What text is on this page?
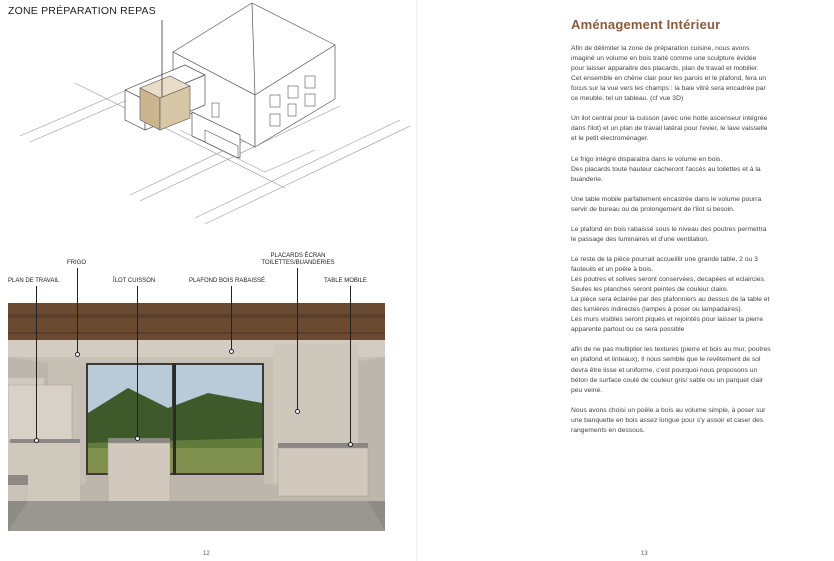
ZONE PRÉPARATION REPAS
FRIGO
PLACARDS ÉCRAN
TOILETTES/BUANDERIES
PLAN DE TRAVAIL	ÎLOT CUISSON	PLAFOND BOIS RABAISSÉ	TABLE MOBILE
12
Aménagement Intérieur

Afin de délimiter la zone de préparation cuisine, nous avons
imaginé un volume en bois traité comme une sculpture évidée
pour laisser apparaitre des placards, plan de travail et mobilier.
Cet ensemble en chêne clair pour les parois et le plafond, fera un
focus sur la vue vers les champs : la baie vitré sera encadrée par
ce meuble, tel un tableau. (cf vue 3D)

Un ilot central pour la cuisson (avec une hotte ascenseur intégrée
dans l'ilot) et un plan de travail latéral pour l'evier, le lave vaisselle
et le petit electroménager.

Le frigo intégré disparaitra dans le volume en bois.
Des placards toute hauteur cacheront l'accès au toilettes et à la
buanderie.

Une table mobile parfaitement encastrée dans le volume pourra
servir de bureau ou de prolongement de l'ilot si besoin.

Le plafond en bois rabaissé sous le niveau des poutres permettra
le passage des luminaires et d'une ventilation.

Le reste de la pièce pourrait accueillir une grande table, 2 ou 3
fauteuils et un poêle à bois.
Les poutres et solives seront conservées, decapées et eclaircies.
Seules les planches seront peintes de couleur claire.
La pièce sera éclairée par des plafonniers au dessus de la table et
des lumières indirectes (lampes à poser ou lampadaires).
Les murs visibles seront piqués et rejointés pour laisser la pierre
apparente partout ou ce sera possible

afin de ne pas multiplier les textures (pierre et bois au mur, poutres
en plafond et linteaux), Il nous semble que le revêtement de sol
devra être lisse et uniforme, c'est pourquoi nous proposons un
béton de surface coulé de couleur gris/ sable ou un parquet clair
peu veiné.

Nous avons choisi un poêle a bois au volume simple, à poser sur
une banquette en bois assez longue pour s'y assoir et caser des
rangements en dessous.

13
